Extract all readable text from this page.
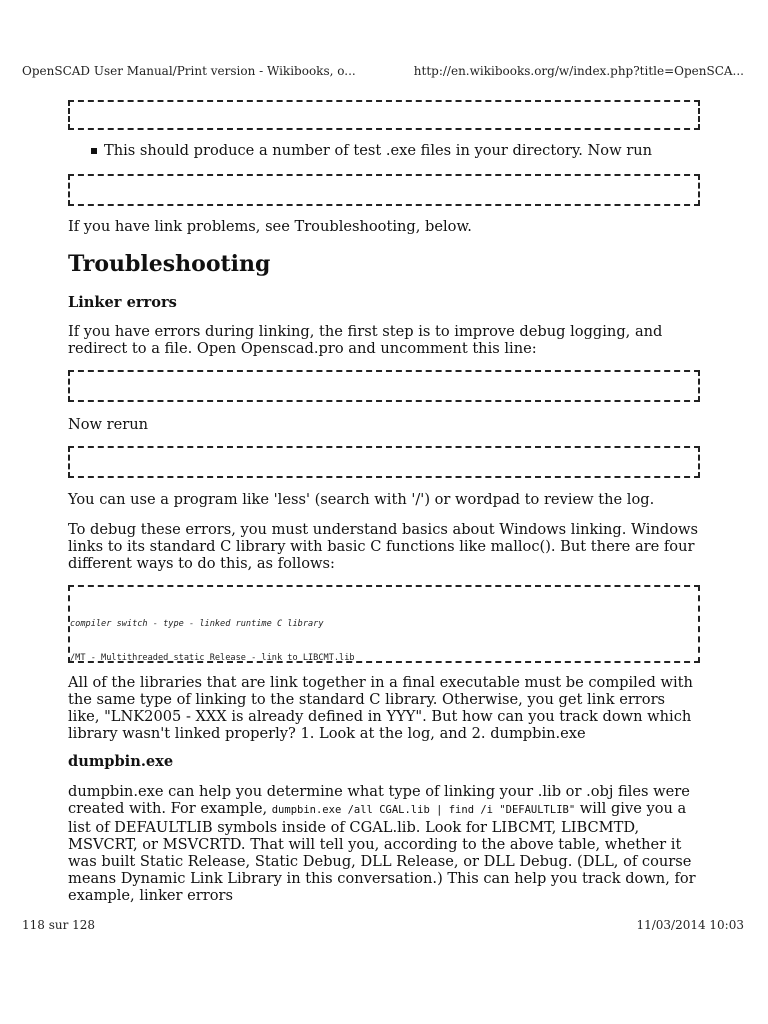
OpenSCAD User Manual/Print version - Wikibooks, o...	http://en.wikibooks.org/w/index.php?title=OpenSCA...

This should produce a number of test .exe files in your directory. Now run

If you have link problems, see Troubleshooting, below.

Troubleshooting
Linker errors

If you have errors during linking, the first step is to improve debug logging, and redirect to a file. Open Openscad.pro and uncomment this line:

Now rerun

You can use a program like 'less' (search with '/') or wordpad to review the log.

To debug these errors, you must understand basics about Windows linking. Windows links to its standard C library with basic C functions like malloc(). But there are four different ways to do this, as follows:

compiler switch - type - linked runtime C library

/MT - Multithreaded static Release - link to LIBCMT.lib

All of the libraries that are link together in a final executable must be compiled with the same type of linking to the standard C library. Otherwise, you get link errors like, "LNK2005 - XXX is already defined in YYY". But how can you track down which library wasn't linked properly? 1. Look at the log, and 2. dumpbin.exe

dumpbin.exe

dumpbin.exe can help you determine what type of linking your .lib or .obj files were created with. For example, dumpbin.exe /all CGAL.lib | find /i "DEFAULTLIB" will give you a list of DEFAULTLIB symbols inside of CGAL.lib. Look for LIBCMT, LIBCMTD, MSVCRT, or MSVCRTD. That will tell you, according to the above table, whether it was built Static Release, Static Debug, DLL Release, or DLL Debug. (DLL, of course means Dynamic Link Library in this conversation.) This can help you track down, for example, linker errors

118 sur 128	11/03/2014 10:03
